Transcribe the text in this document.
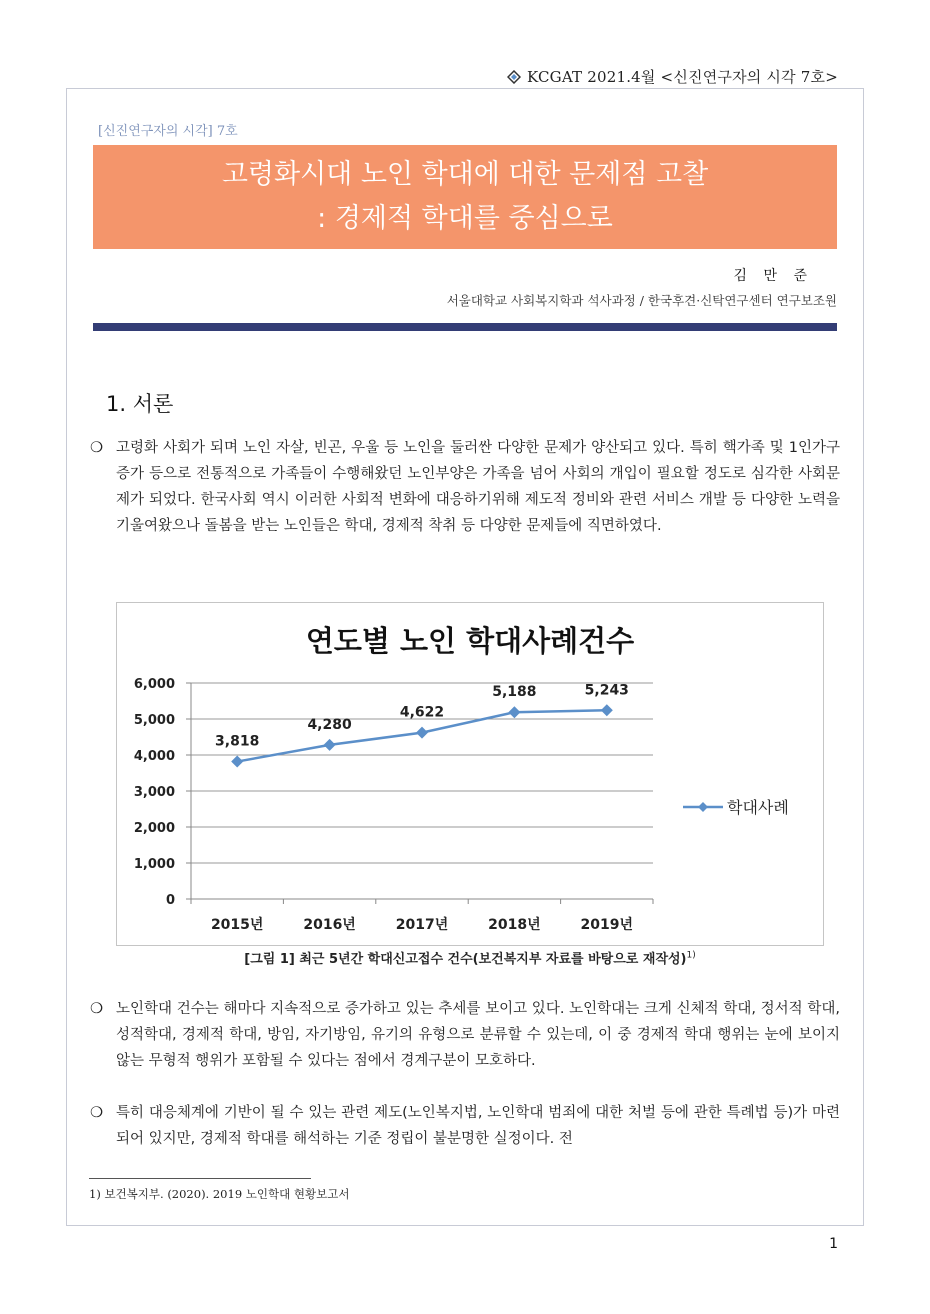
KCGAT 2021.4월 <신진연구자의 시각 7호>
[신진연구자의 시각] 7호
고령화시대 노인 학대에 대한 문제점 고찰
: 경제적 학대를 중심으로
김 만 준
서울대학교 사회복지학과 석사과정 / 한국후견·신탁연구센터 연구보조원
1. 서론
❍ 고령화 사회가 되며 노인 자살, 빈곤, 우울 등 노인을 둘러싼 다양한 문제가 양산되고 있다. 특히 핵가족 및 1인가구 증가 등으로 전통적으로 가족들이 수행해왔던 노인부양은 가족을 넘어 사회의 개입이 필요할 정도로 심각한 사회문제가 되었다. 한국사회 역시 이러한 사회적 변화에 대응하기위해 제도적 정비와 관련 서비스 개발 등 다양한 노력을 기울여왔으나 돌봄을 받는 노인들은 학대, 경제적 착취 등 다양한 문제들에 직면하였다.
연도별 노인 학대사례건수
0
1,000
2,000
3,000
4,000
5,000
6,000
2015년	2016년	2017년	2018년	2019년
3,818
4,280
4,622
5,188	5,243
학대사례
[그림 1] 최근 5년간 학대신고접수 건수(보건복지부 자료를 바탕으로 재작성)$^{1)}$
❍ 노인학대 건수는 해마다 지속적으로 증가하고 있는 추세를 보이고 있다. 노인학대는 크게 신체적 학대, 정서적 학대, 성적학대, 경제적 학대, 방임, 자기방임, 유기의 유형으로 분류할 수 있는데, 이 중 경제적 학대 행위는 눈에 보이지 않는 무형적 행위가 포함될 수 있다는 점에서 경계구분이 모호하다.
❍ 특히 대응체계에 기반이 될 수 있는 관련 제도(노인복지법, 노인학대 범죄에 대한 처벌 등에 관한 특례법 등)가 마련되어 있지만, 경제적 학대를 해석하는 기준 정립이 불분명한 실정이다. 전
1) 보건복지부. (2020). 2019 노인학대 현황보고서
1
